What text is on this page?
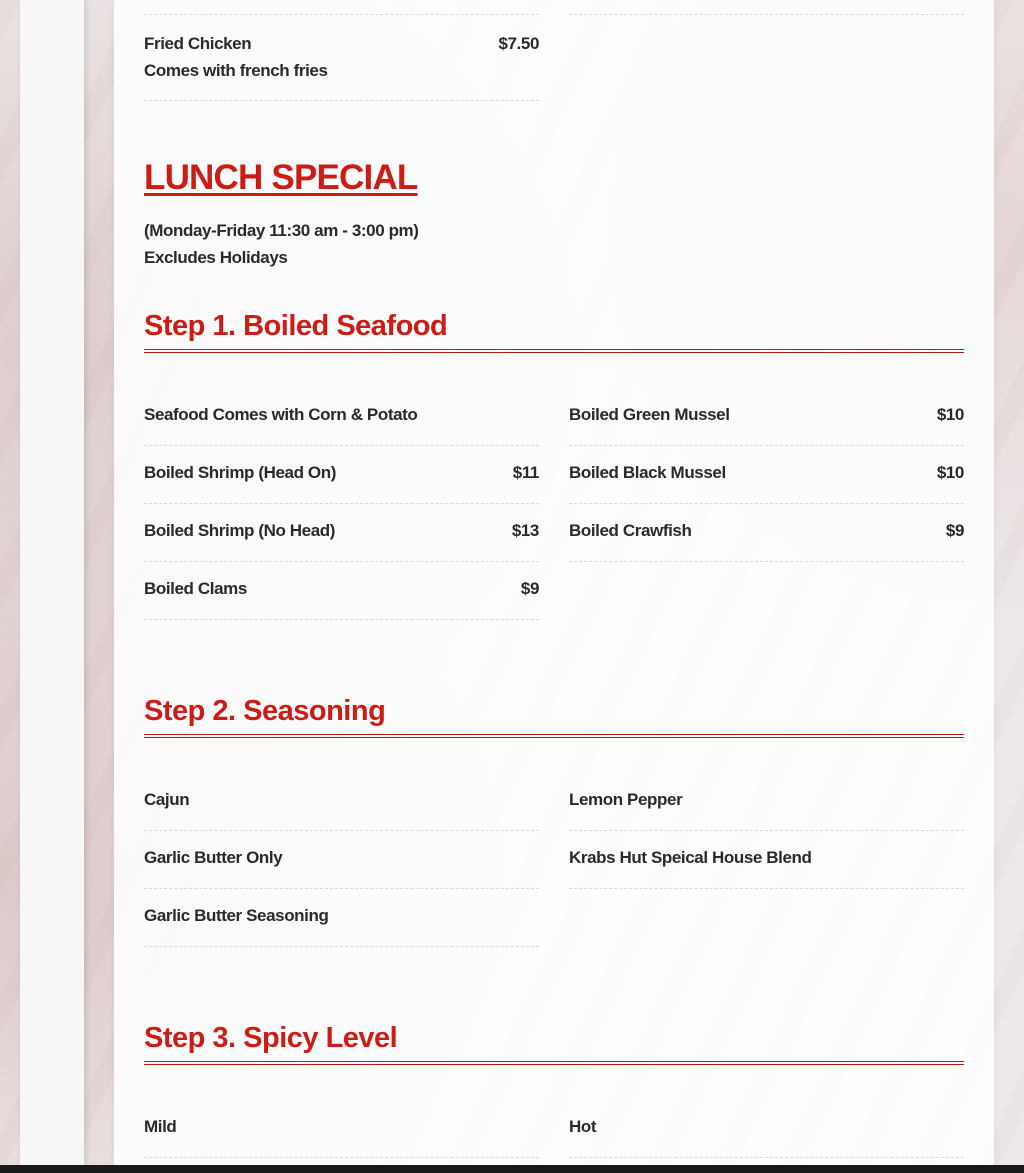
Fried Chicken	$7.50
Comes with french fries
LUNCH SPECIAL
(Monday-Friday 11:30 am - 3:00 pm)
Excludes Holidays
Step 1. Boiled Seafood
Seafood Comes with Corn & Potato
Boiled Shrimp (Head On)	$11
Boiled Shrimp (No Head)	$13
Boiled Clams	$9
Boiled Green Mussel	$10
Boiled Black Mussel	$10
Boiled Crawfish	$9
Step 2. Seasoning
Cajun
Garlic Butter Only
Garlic Butter Seasoning
Lemon Pepper
Krabs Hut Speical House Blend
Step 3. Spicy Level
Mild	Hot
